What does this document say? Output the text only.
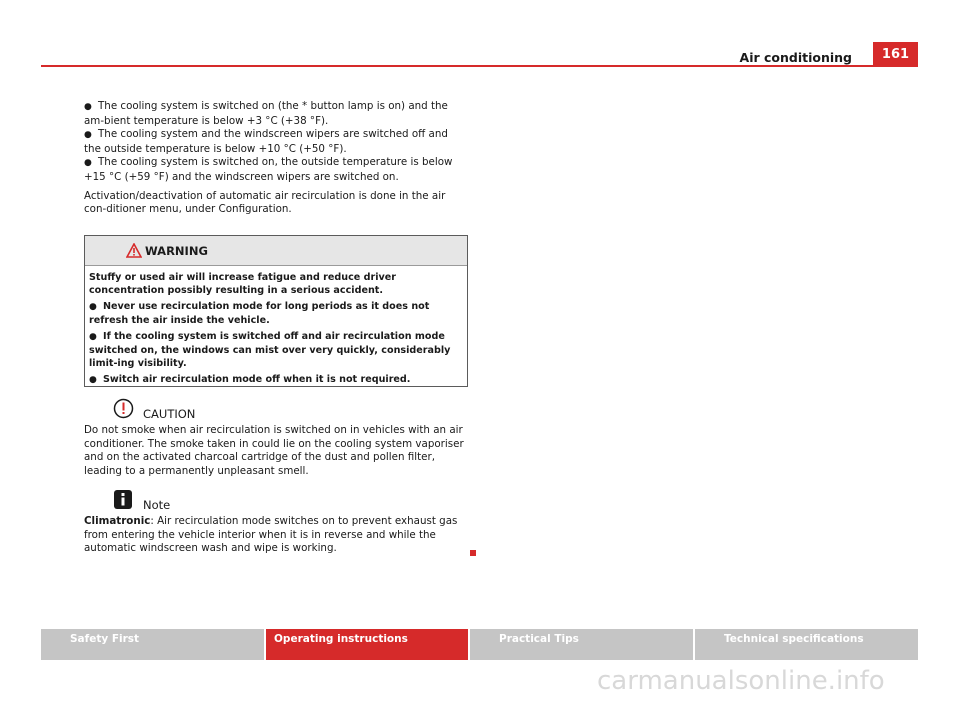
Air conditioning	161

● The cooling system is switched on (the * button lamp is on) and the am-bient temperature is below +3 °C (+38 °F).

● The cooling system and the windscreen wipers are switched off and the outside temperature is below +10 °C (+50 °F).

● The cooling system is switched on, the outside temperature is below +15 °C (+59 °F) and the windscreen wipers are switched on.

Activation/deactivation of automatic air recirculation is done in the air con-ditioner menu, under Configuration.

WARNING

Stuffy or used air will increase fatigue and reduce driver concentration possibly resulting in a serious accident.

● Never use recirculation mode for long periods as it does not refresh the air inside the vehicle.

● If the cooling system is switched off and air recirculation mode switched on, the windows can mist over very quickly, considerably limit-ing visibility.

● Switch air recirculation mode off when it is not required.

CAUTION

Do not smoke when air recirculation is switched on in vehicles with an air conditioner. The smoke taken in could lie on the cooling system vaporiser and on the activated charcoal cartridge of the dust and pollen filter, leading to a permanently unpleasant smell.

Note

Climatronic: Air recirculation mode switches on to prevent exhaust gas from entering the vehicle interior when it is in reverse and while the automatic windscreen wash and wipe is working.

Safety First	Operating instructions	Practical Tips	Technical specifications
carmanualsonline.info
